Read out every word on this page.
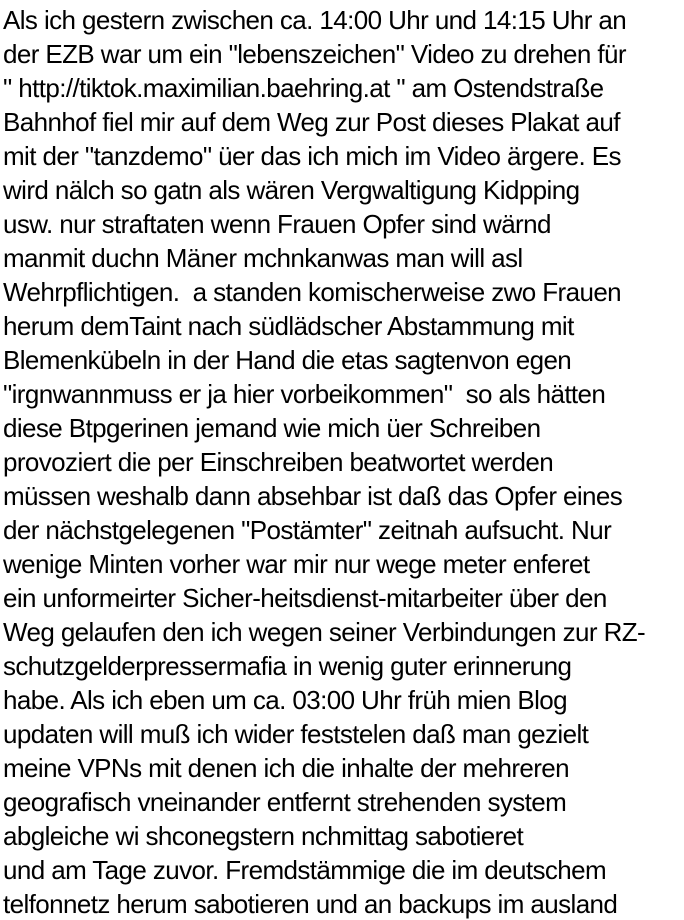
Als ich gestern zwischen ca. 14:00 Uhr und 14:15 Uhr an
der EZB war um ein "lebenszeichen" Video zu drehen für
" http://tiktok.maximilian.baehring.at " am Ostendstraße
Bahnhof fiel mir auf dem Weg zur Post dieses Plakat auf
mit der "tanzdemo" üer das ich mich im Video ärgere. Es
wird nälch so gatn als wären Vergwaltigung Kidpping
usw. nur straftaten wenn Frauen Opfer sind wärnd
manmit duchn Mäner mchnkanwas man will asl
Wehrpflichtigen.  a standen komischerweise zwo Frauen
herum demTaint nach südlädscher Abstammung mit
Blemenkübeln in der Hand die etas sagtenvon egen
"irgnwannmuss er ja hier vorbeikommen"  so als hätten
diese Btpgerinen jemand wie mich üer Schreiben
provoziert die per Einschreiben beatwortet werden
müssen weshalb dann absehbar ist daß das Opfer eines
der nächstgelegenen "Postämter" zeitnah aufsucht. Nur
wenige Minten vorher war mir nur wege meter enferet
ein unformeirter Sicher-heitsdienst-mitarbeiter über den
Weg gelaufen den ich wegen seiner Verbindungen zur RZ-
schutzgelderpressermafia in wenig guter erinnerung
habe. Als ich eben um ca. 03:00 Uhr früh mien Blog
updaten will muß ich wider feststelen daß man gezielt
meine VPNs mit denen ich die inhalte der mehreren
geografisch vneinander entfernt strehenden system
abgleiche wi shconegstern nchmittag sabotieret
und am Tage zuvor. Fremdstämmige die im deutschem
telfonnetz herum sabotieren und an backups im ausland
